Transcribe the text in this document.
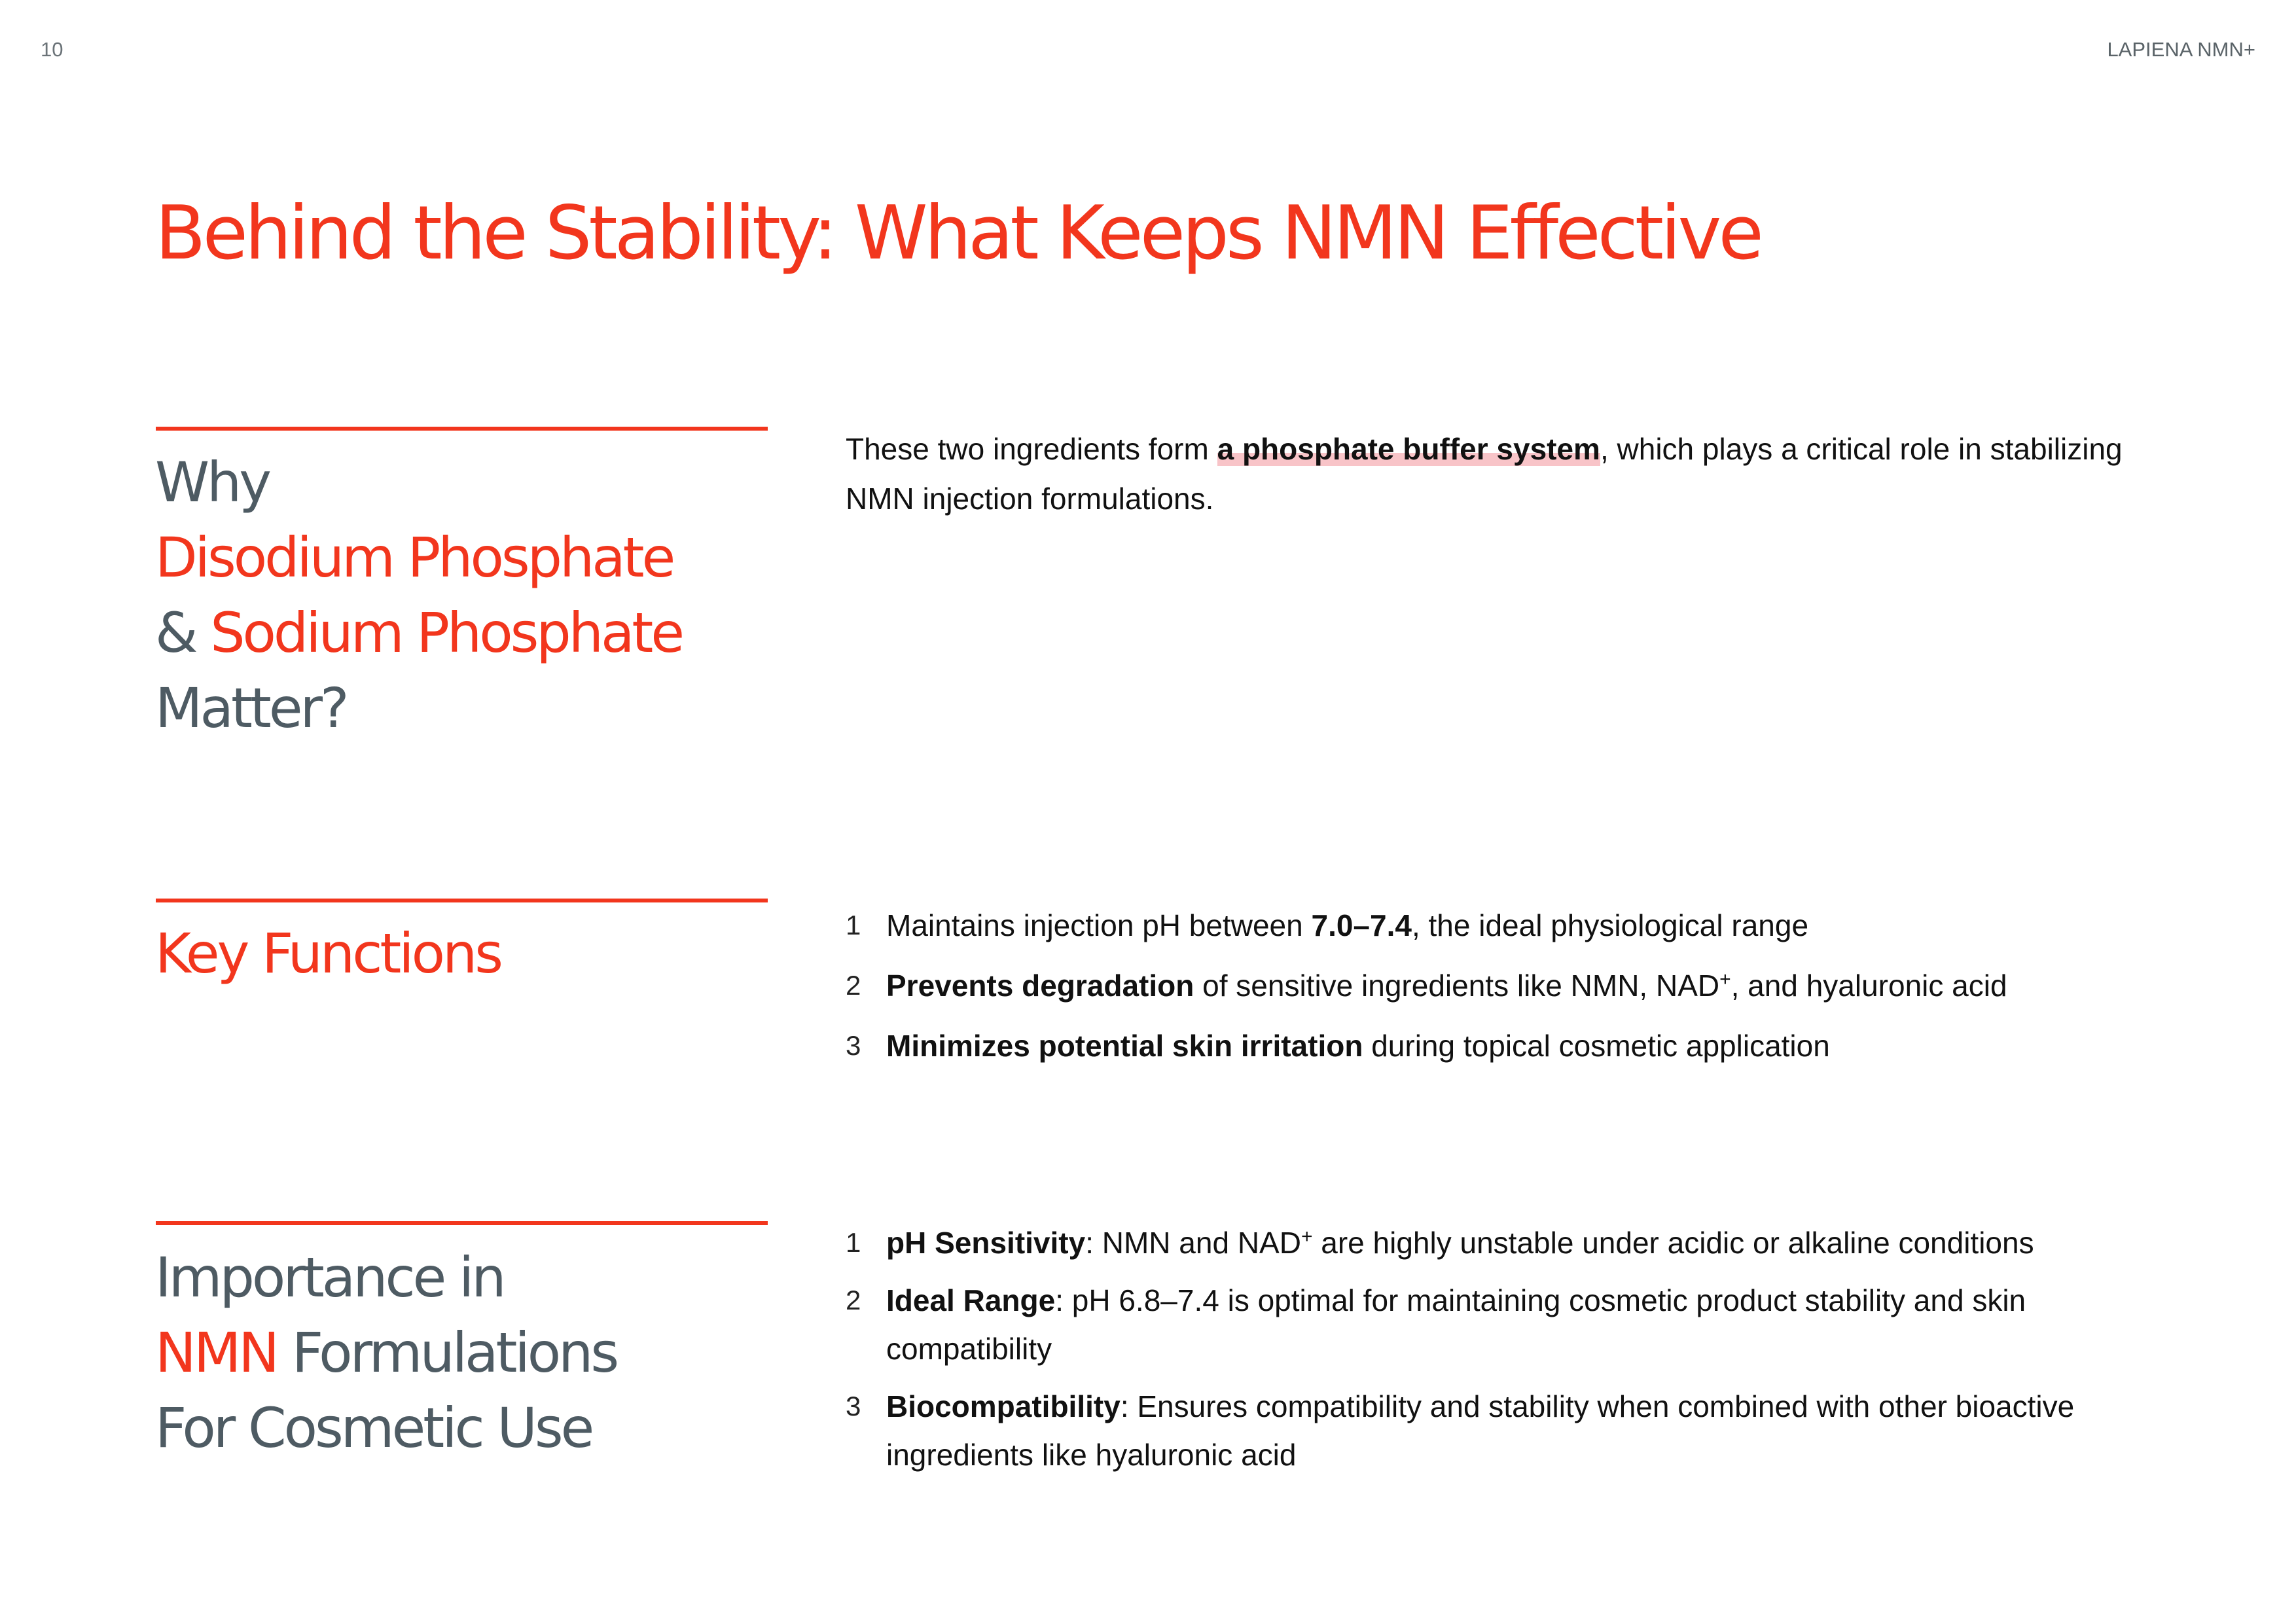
10	LAPIENA NMN+
Behind the Stability: What Keeps NMN Effective
Why
Disodium Phosphate
& Sodium Phosphate
Matter?

These two ingredients form a phosphate buffer system, which plays a critical role in stabilizing NMN injection formulations.

Key Functions	1 Maintains injection pH between 7.0–7.4, the ideal physiological range
2 Prevents degradation of sensitive ingredients like NMN, NAD+, and hyaluronic acid
3 Minimizes potential skin irritation during topical cosmetic application
Importance in
NMN Formulations
For Cosmetic Use
1 pH Sensitivity: NMN and NAD+ are highly unstable under acidic or alkaline conditions
2 Ideal Range: pH 6.8–7.4 is optimal for maintaining cosmetic product stability and skin compatibility
3 Biocompatibility: Ensures compatibility and stability when combined with other bioactive ingredients like hyaluronic acid
